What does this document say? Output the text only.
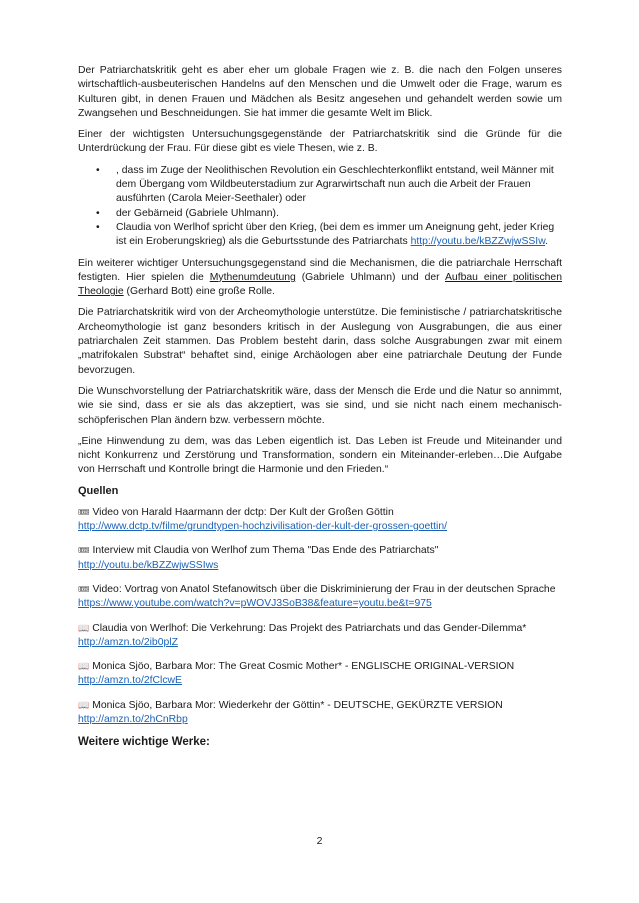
Der Patriarchatskritik geht es aber eher um globale Fragen wie z. B. die nach den Folgen unseres wirtschaftlich-ausbeuterischen Handelns auf den Menschen und die Umwelt oder die Frage, warum es Kulturen gibt, in denen Frauen und Mädchen als Besitz angesehen und gehandelt werden sowie um Zwangsehen und Beschneidungen. Sie hat immer die gesamte Welt im Blick.

Einer der wichtigsten Untersuchungsgegenstände der Patriarchatskritik sind die Gründe für die Unterdrückung der Frau. Für diese gibt es viele Thesen, wie z. B.

• , dass im Zuge der Neolithischen Revolution ein Geschlechterkonflikt entstand, weil Männer mit dem Übergang vom Wildbeuterstadium zur Agrarwirtschaft nun auch die Arbeit der Frauen ausführten (Carola Meier-Seethaler) oder
• der Gebärneid (Gabriele Uhlmann).
• Claudia von Werlhof spricht über den Krieg, (bei dem es immer um Aneignung geht, jeder Krieg ist ein Eroberungskrieg) als die Geburtsstunde des Patriarchats http://youtu.be/kBZZwjwSSIw.

Ein weiterer wichtiger Untersuchungsgegenstand sind die Mechanismen, die die patriarchale Herrschaft festigten. Hier spielen die Mythenumdeutung (Gabriele Uhlmann) und der Aufbau einer politischen Theologie (Gerhard Bott) eine große Rolle.

Die Patriarchatskritik wird von der Archeomythologie unterstütze. Die feministische / patriarchatskritische Archeomythologie ist ganz besonders kritisch in der Auslegung von Ausgrabungen, die aus einer patriarchalen Zeit stammen. Das Problem besteht darin, dass solche Ausgrabungen zwar mit einem „matrifokalen Substrat“ behaftet sind, einige Archäologen aber eine patriarchale Deutung der Funde bevorzugen.

Die Wunschvorstellung der Patriarchatskritik wäre, dass der Mensch die Erde und die Natur so annimmt, wie sie sind, dass er sie als das akzeptiert, was sie sind, und sie nicht nach einem mechanisch-schöpferischen Plan ändern bzw. verbessern möchte.

„Eine Hinwendung zu dem, was das Leben eigentlich ist. Das Leben ist Freude und Miteinander und nicht Konkurrenz und Zerstörung und Transformation, sondern ein Miteinander-erleben…Die Aufgabe von Herrschaft und Kontrolle bringt die Harmonie und den Frieden.“

Quellen
🎟 Video von Harald Haarmann der dctp: Der Kult der Großen Göttin
http://www.dctp.tv/filme/grundtypen-hochzivilisation-der-kult-der-grossen-goettin/
🎟 Interview mit Claudia von Werlhof zum Thema "Das Ende des Patriarchats"
http://youtu.be/kBZZwjwSSIws
🎟 Video: Vortrag von Anatol Stefanowitsch über die Diskriminierung der Frau in der deutschen Sprache
https://www.youtube.com/watch?v=pWOVJ3SoB38&feature=youtu.be&t=975
📖 Claudia von Werlhof: Die Verkehrung: Das Projekt des Patriarchats und das Gender-Dilemma*
http://amzn.to/2ib0plZ
📖 Monica Sjöo, Barbara Mor: The Great Cosmic Mother* - ENGLISCHE ORIGINAL-VERSION
http://amzn.to/2fClcwE
📖 Monica Sjöo, Barbara Mor: Wiederkehr der Göttin* - DEUTSCHE, GEKÜRZTE VERSION
http://amzn.to/2hCnRbp
Weitere wichtige Werke:
2
